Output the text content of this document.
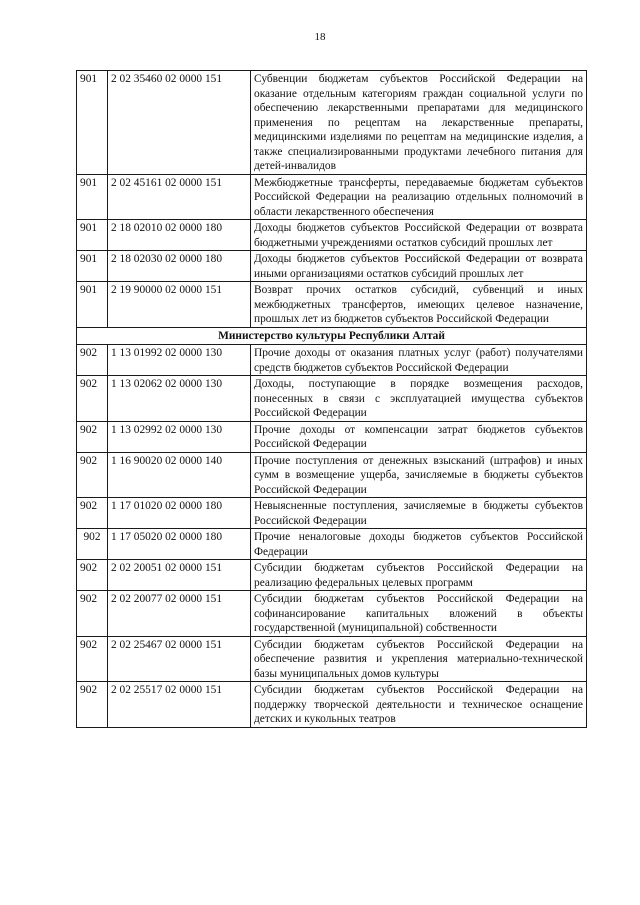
18
901	2 02 35460 02 0000 151	Субвенции бюджетам субъектов Российской Федерации на оказание отдельным категориям граждан социальной услуги по обеспечению лекарственными препаратами для медицинского применения по рецептам на лекарственные препараты, медицинскими изделиями по рецептам на медицинские изделия, а также специализированными продуктами лечебного питания для детей-инвалидов
901	2 02 45161 02 0000 151	Межбюджетные трансферты, передаваемые бюджетам субъектов Российской Федерации на реализацию отдельных полномочий в области лекарственного обеспечения
901	2 18 02010 02 0000 180	Доходы бюджетов субъектов Российской Федерации от возврата бюджетными учреждениями остатков субсидий прошлых лет
901	2 18 02030 02 0000 180	Доходы бюджетов субъектов Российской Федерации от возврата иными организациями остатков субсидий прошлых лет
901	2 19 90000 02 0000 151	Возврат прочих остатков субсидий, субвенций и иных межбюджетных трансфертов, имеющих целевое назначение, прошлых лет из бюджетов субъектов Российской Федерации
Министерство культуры Республики Алтай		
902	1 13 01992 02 0000 130	Прочие доходы от оказания платных услуг (работ) получателями средств бюджетов субъектов Российской Федерации
902	1 13 02062 02 0000 130	Доходы, поступающие в порядке возмещения расходов, понесенных в связи с эксплуатацией имущества субъектов Российской Федерации
902	1 13 02992 02 0000 130	Прочие доходы от компенсации затрат бюджетов субъектов Российской Федерации
902	1 16 90020 02 0000 140	Прочие поступления от денежных взысканий (штрафов) и иных сумм в возмещение ущерба, зачисляемые в бюджеты субъектов Российской Федерации
902	1 17 01020 02 0000 180	Невыясненные поступления, зачисляемые в бюджеты субъектов Российской Федерации
902	1 17 05020 02 0000 180	Прочие неналоговые доходы бюджетов субъектов Российской Федерации
902	2 02 20051 02 0000 151	Субсидии бюджетам субъектов Российской Федерации на реализацию федеральных целевых программ
902	2 02 20077 02 0000 151	Субсидии бюджетам субъектов Российской Федерации на софинансирование капитальных вложений в объекты государственной (муниципальной) собственности
902	2 02 25467 02 0000 151	Субсидии бюджетам субъектов Российской Федерации на обеспечение развития и укрепления материально-технической базы муниципальных домов культуры
902	2 02 25517 02 0000 151	Субсидии бюджетам субъектов Российской Федерации на поддержку творческой деятельности и техническое оснащение детских и кукольных театров
